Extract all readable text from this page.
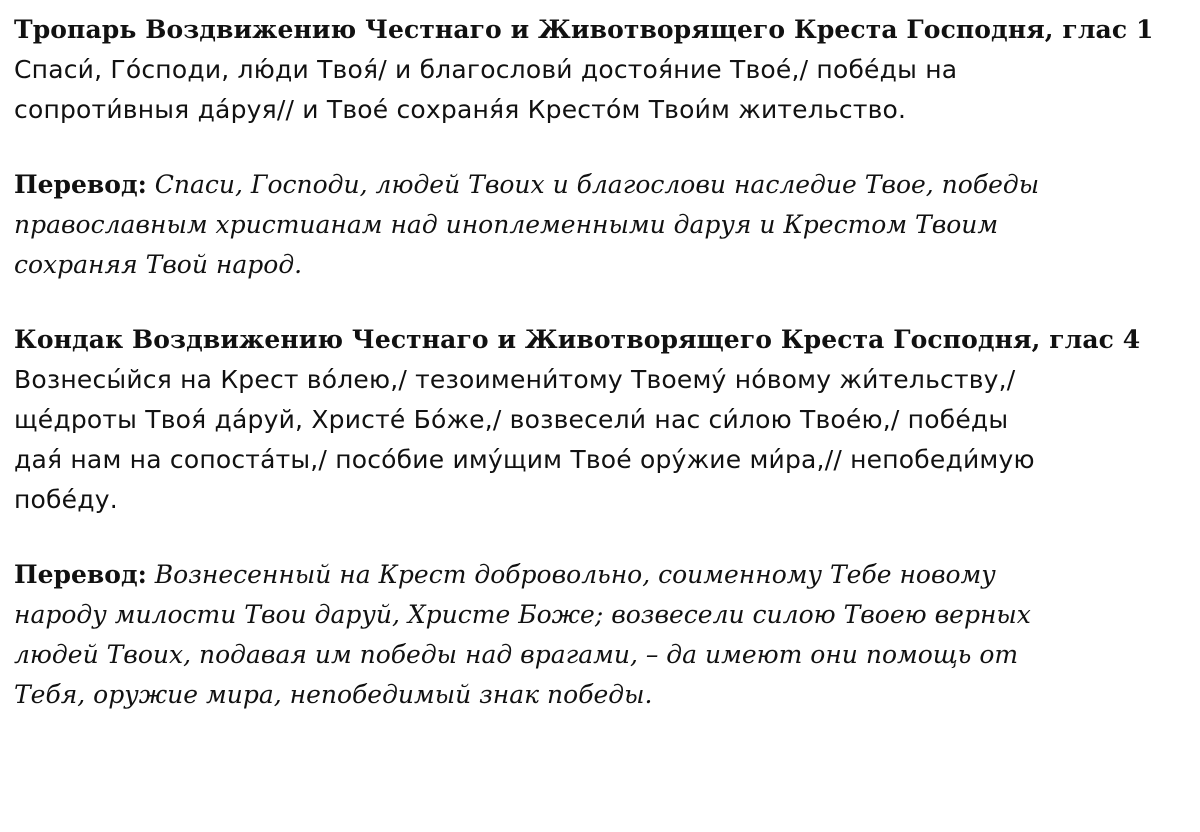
Тропарь Воздвижению Честнаго и Животворящего Креста Господня, глас 1
Спаси́, Го́споди, лю́ди Твоя́/ и благослови́ достоя́ние Твое́,/ побе́ды на
сопроти́вныя да́руя// и Твое́ сохраня́я Кресто́м Твои́м жительство.
Перевод: Спаси, Господи, людей Твоих и благослови наследие Твое, победы
православным христианам над иноплеменными даруя и Крестом Твоим
сохраняя Твой народ.
Кондак Воздвижению Честнаго и Животворящего Креста Господня, глас 4
Вознесы́йся на Крест во́лею,/ тезоимени́тому Твоему́ но́вому жи́тельству,/
ще́дроты Твоя́ да́руй, Христе́ Бо́же,/ возвесели́ нас си́лою Твое́ю,/ побе́ды
дая́ нам на сопоста́ты,/ посо́бие иму́щим Твое́ ору́жие ми́ра,// непобеди́мую
побе́ду.
Перевод: Вознесенный на Крест добровольно, соименному Тебе новому
народу милости Твои даруй, Христе Боже; возвесели силою Твоею верных
людей Твоих, подавая им победы над врагами, – да имеют они помощь от
Тебя, оружие мира, непобедимый знак победы.
